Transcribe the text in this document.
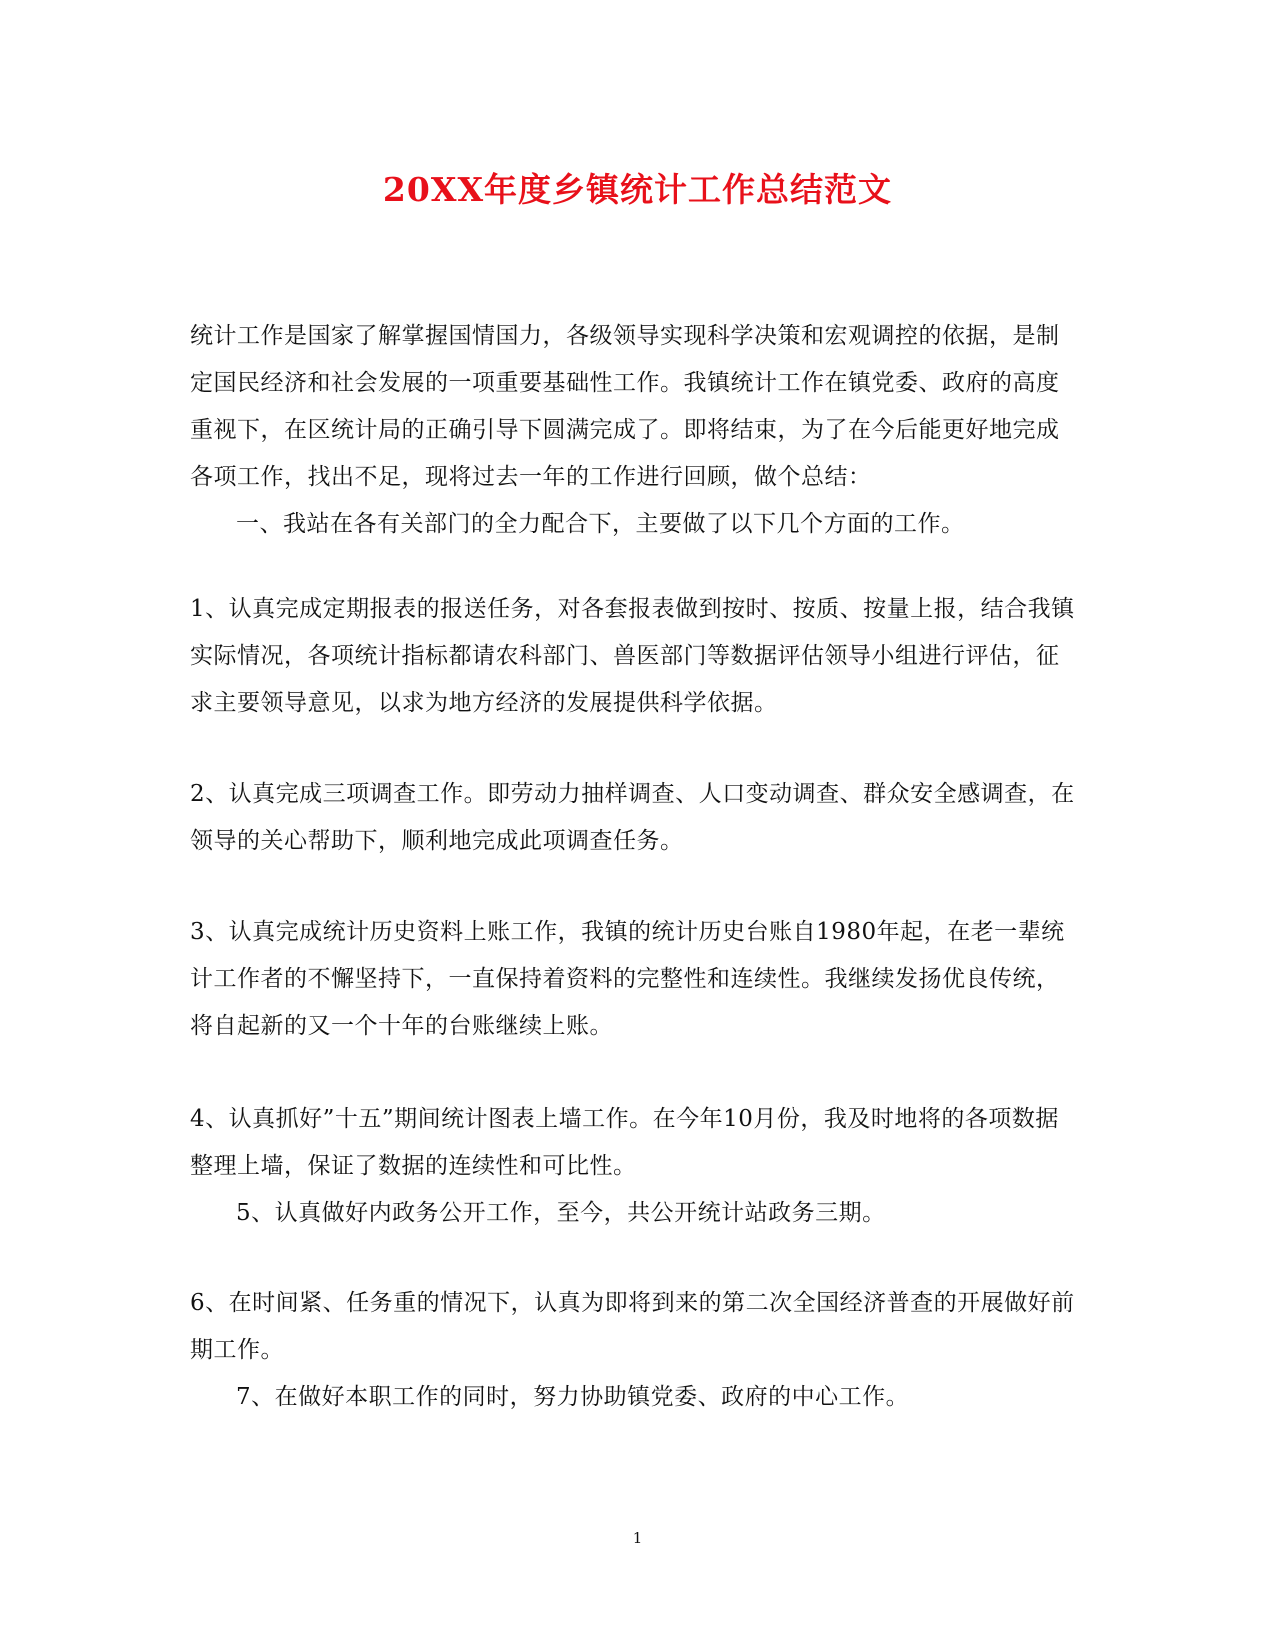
20XX年度乡镇统计工作总结范文

统计工作是国家了解掌握国情国力，各级领导实现科学决策和宏观调控的依据，是制定国民经济和社会发展的一项重要基础性工作。我镇统计工作在镇党委、政府的高度重视下，在区统计局的正确引导下圆满完成了。即将结束，为了在今后能更好地完成各项工作，找出不足，现将过去一年的工作进行回顾，做个总结：

一、我站在各有关部门的全力配合下，主要做了以下几个方面的工作。

1、认真完成定期报表的报送任务，对各套报表做到按时、按质、按量上报，结合我镇实际情况，各项统计指标都请农科部门、兽医部门等数据评估领导小组进行评估，征求主要领导意见，以求为地方经济的发展提供科学依据。

2、认真完成三项调查工作。即劳动力抽样调查、人口变动调查、群众安全感调查，在领导的关心帮助下，顺利地完成此项调查任务。

3、认真完成统计历史资料上账工作，我镇的统计历史台账自1980年起，在老一辈统计工作者的不懈坚持下，一直保持着资料的完整性和连续性。我继续发扬优良传统，将自起新的又一个十年的台账继续上账。

4、认真抓好”十五”期间统计图表上墙工作。在今年10月份，我及时地将的各项数据整理上墙，保证了数据的连续性和可比性。

5、认真做好内政务公开工作，至今，共公开统计站政务三期。

6、在时间紧、任务重的情况下，认真为即将到来的第二次全国经济普查的开展做好前期工作。

7、在做好本职工作的同时，努力协助镇党委、政府的中心工作。

1
